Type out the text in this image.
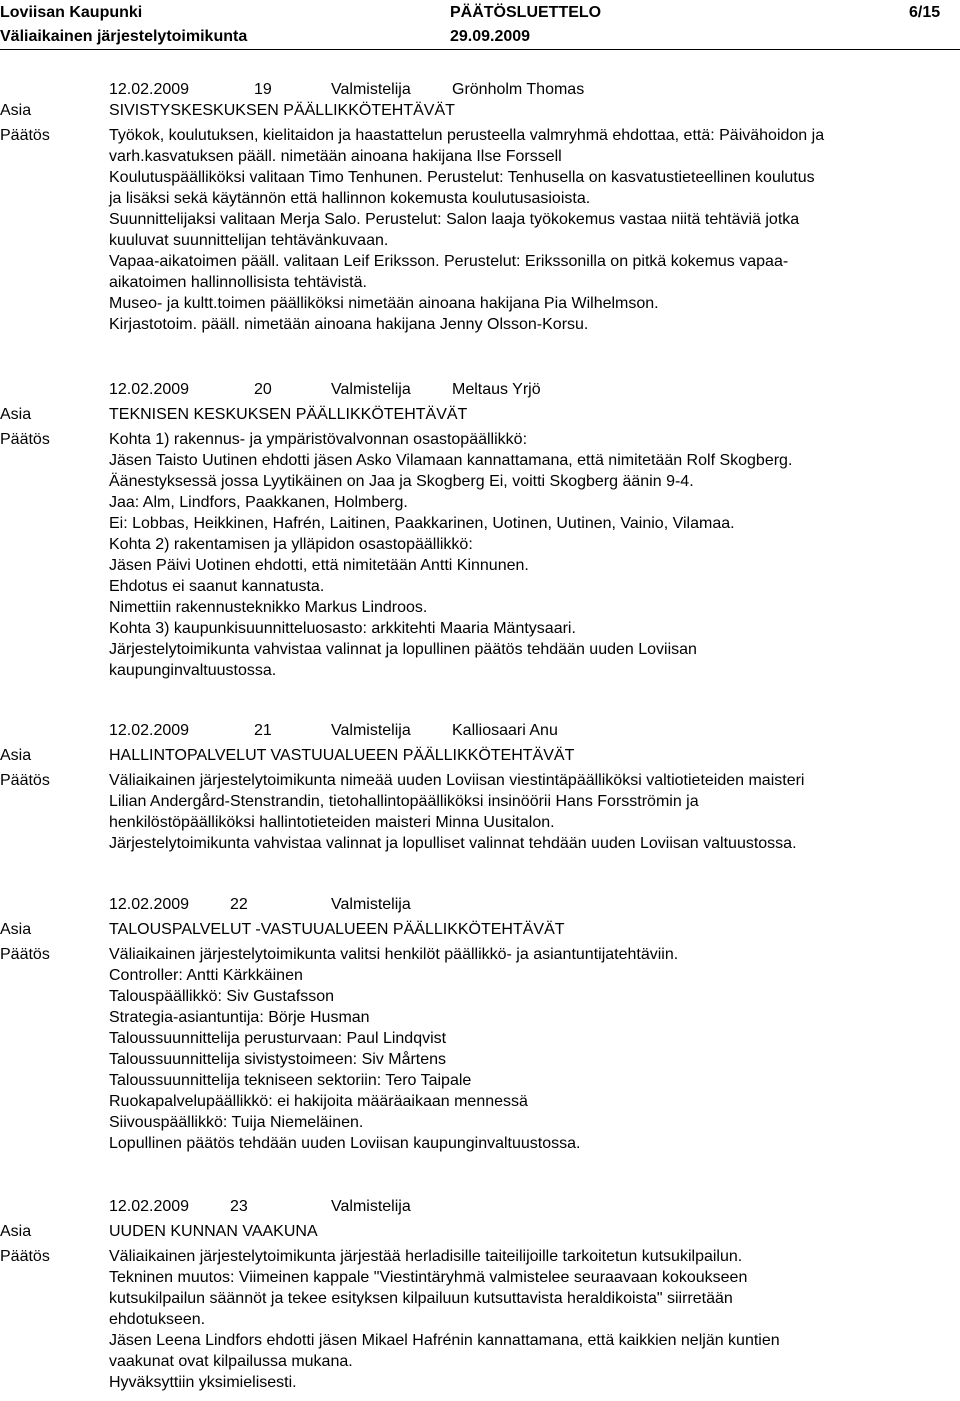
Loviisan Kaupunki	PÄÄTÖSLUETTELO	6/15
Väliaikainen järjestelytoimikunta	29.09.2009
12.02.2009	19	Valmistelija	Grönholm Thomas
Asia	SIVISTYSKESKUKSEN PÄÄLLIKKÖTEHTÄVÄT
Päätös	Työkok, koulutuksen, kielitaidon ja haastattelun perusteella valmryhmä ehdottaa, että: Päivähoidon ja
varh.kasvatuksen pääll. nimetään ainoana hakijana Ilse Forssell
Koulutuspäälliköksi valitaan Timo Tenhunen. Perustelut: Tenhusella on kasvatustieteellinen koulutus
ja lisäksi sekä käytännön että hallinnon kokemusta koulutusasioista.
Suunnittelijaksi valitaan Merja Salo. Perustelut: Salon laaja työkokemus vastaa niitä tehtäviä jotka
kuuluvat suunnittelijan tehtävänkuvaan.
Vapaa-aikatoimen pääll. valitaan Leif Eriksson. Perustelut: Erikssonilla on pitkä kokemus vapaa-
aikatoimen hallinnollisista tehtävistä.
Museo- ja kultt.toimen päälliköksi nimetään ainoana hakijana Pia Wilhelmson.
Kirjastotoim. pääll. nimetään ainoana hakijana Jenny Olsson-Korsu.
12.02.2009	20	Valmistelija	Meltaus Yrjö
Asia	TEKNISEN KESKUKSEN PÄÄLLIKKÖTEHTÄVÄT
Päätös	Kohta 1) rakennus- ja ympäristövalvonnan osastopäällikkö:
Jäsen Taisto Uutinen ehdotti jäsen Asko Vilamaan kannattamana, että nimitetään Rolf Skogberg.
Äänestyksessä jossa Lyytikäinen on Jaa ja Skogberg Ei, voitti Skogberg äänin 9-4.
Jaa: Alm, Lindfors, Paakkanen, Holmberg.
Ei: Lobbas, Heikkinen, Hafrén, Laitinen, Paakkarinen, Uotinen, Uutinen, Vainio, Vilamaa.
Kohta 2) rakentamisen ja ylläpidon osastopäällikkö:
Jäsen Päivi Uotinen ehdotti, että nimitetään Antti Kinnunen.
Ehdotus ei saanut kannatusta.
Nimettiin rakennusteknikko Markus Lindroos.
Kohta 3) kaupunkisuunnitteluosasto: arkkitehti Maaria Mäntysaari.
Järjestelytoimikunta vahvistaa valinnat ja lopullinen päätös tehdään uuden Loviisan
kaupunginvaltuustossa.
12.02.2009	21	Valmistelija	Kalliosaari Anu
Asia	HALLINTOPALVELUT VASTUUALUEEN PÄÄLLIKKÖTEHTÄVÄT
Päätös	Väliaikainen järjestelytoimikunta nimeää uuden Loviisan viestintäpäälliköksi valtiotieteiden maisteri
Lilian Andergård-Stenstrandin, tietohallintopäälliköksi insinöörii Hans Forsströmin ja
henkilöstöpäälliköksi hallintotieteiden maisteri Minna Uusitalon.
Järjestelytoimikunta vahvistaa valinnat ja lopulliset valinnat tehdään uuden Loviisan valtuustossa.
12.02.2009	22	Valmistelija
Asia	TALOUSPALVELUT -VASTUUALUEEN PÄÄLLIKKÖTEHTÄVÄT
Päätös	Väliaikainen järjestelytoimikunta valitsi henkilöt päällikkö- ja asiantuntijatehtäviin.
Controller: Antti Kärkkäinen
Talouspäällikkö: Siv Gustafsson
Strategia-asiantuntija: Börje Husman
Taloussuunnittelija perusturvaan: Paul Lindqvist
Taloussuunnittelija sivistystoimeen: Siv Mårtens
Taloussuunnittelija tekniseen sektoriin: Tero Taipale
Ruokapalvelupäällikkö: ei hakijoita määräaikaan mennessä
Siivouspäällikkö: Tuija Niemeläinen.
Lopullinen päätös tehdään uuden Loviisan kaupunginvaltuustossa.
12.02.2009	23	Valmistelija
Asia	UUDEN KUNNAN VAAKUNA
Päätös	Väliaikainen järjestelytoimikunta järjestää herladisille taiteilijoille tarkoitetun kutsukilpailun.
Tekninen muutos: Viimeinen kappale "Viestintäryhmä valmistelee seuraavaan kokoukseen
kutsukilpailun säännöt ja tekee esityksen kilpailuun kutsuttavista heraldikoista" siirretään
ehdotukseen.
Jäsen Leena Lindfors ehdotti jäsen Mikael Hafrénin kannattamana, että kaikkien neljän kuntien
vaakunat ovat kilpailussa mukana.
Hyväksyttiin yksimielisesti.
